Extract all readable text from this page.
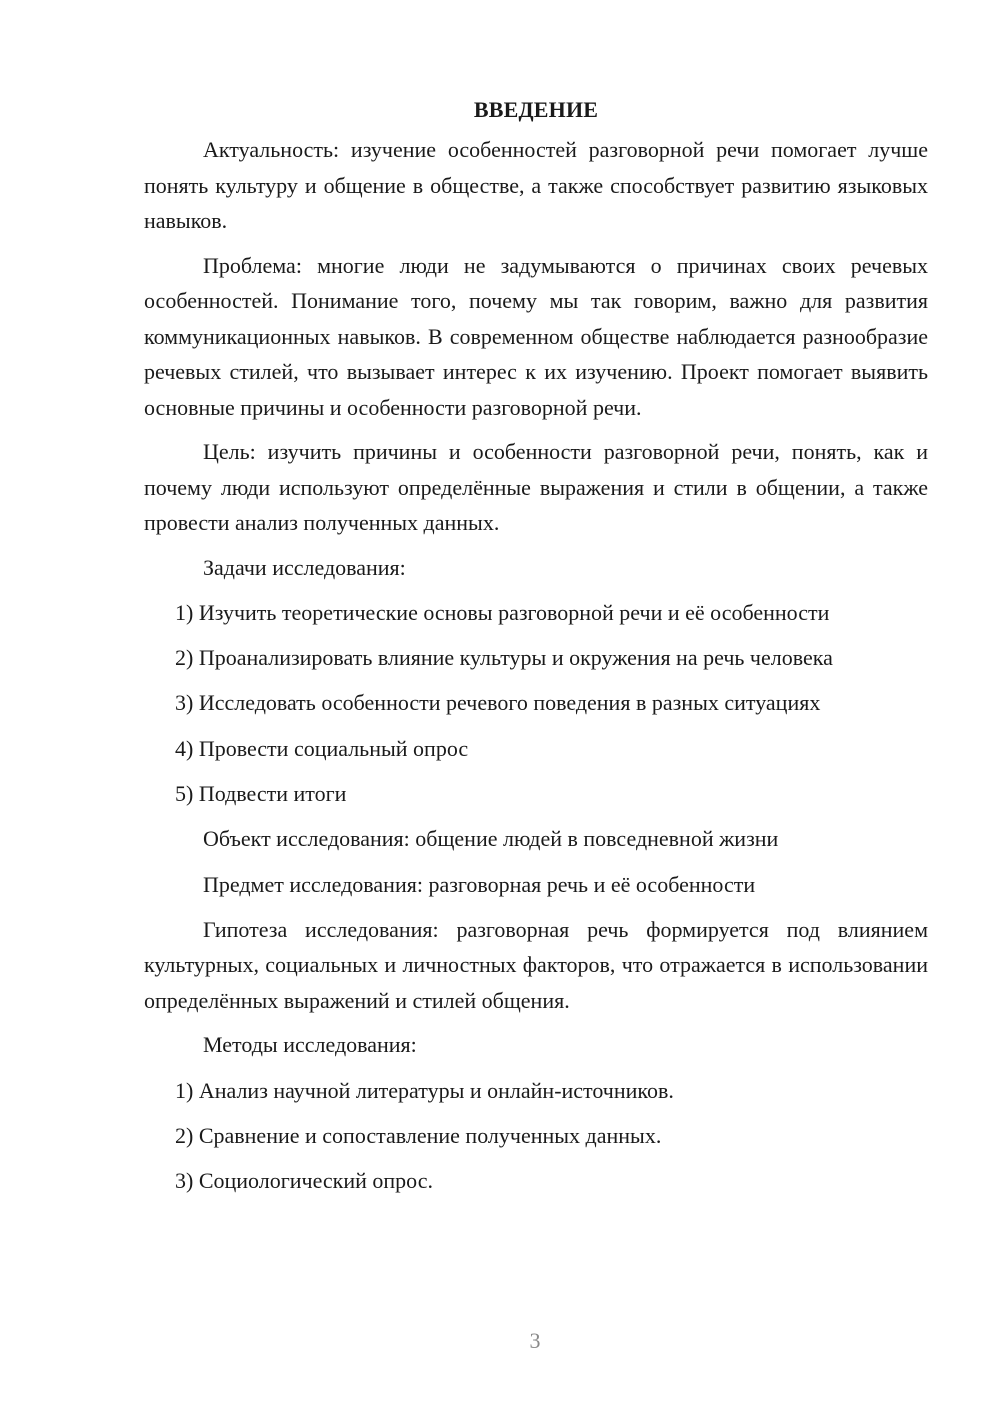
ВВЕДЕНИЕ

Актуальность: изучение особенностей разговорной речи помогает лучше понять культуру и общение в обществе, а также способствует развитию языковых навыков.

Проблема: многие люди не задумываются о причинах своих речевых особенностей. Понимание того, почему мы так говорим, важно для развития коммуникационных навыков. В современном обществе наблюдается разнообразие речевых стилей, что вызывает интерес к их изучению. Проект помогает выявить основные причины и особенности разговорной речи.

Цель: изучить причины и особенности разговорной речи, понять, как и почему люди используют определённые выражения и стили в общении, а также провести анализ полученных данных.

Задачи исследования:
1) Изучить теоретические основы разговорной речи и её особенности
2) Проанализировать влияние культуры и окружения на речь человека
3) Исследовать особенности речевого поведения в разных ситуациях
4) Провести социальный опрос
5) Подвести итоги
Объект исследования: общение людей в повседневной жизни
Предмет исследования: разговорная речь и её особенности

Гипотеза исследования: разговорная речь формируется под влиянием культурных, социальных и личностных факторов, что отражается в использовании определённых выражений и стилей общения.

Методы исследования:
1) Анализ научной литературы и онлайн-источников.
2) Сравнение и сопоставление полученных данных.
3) Социологический опрос.
3
